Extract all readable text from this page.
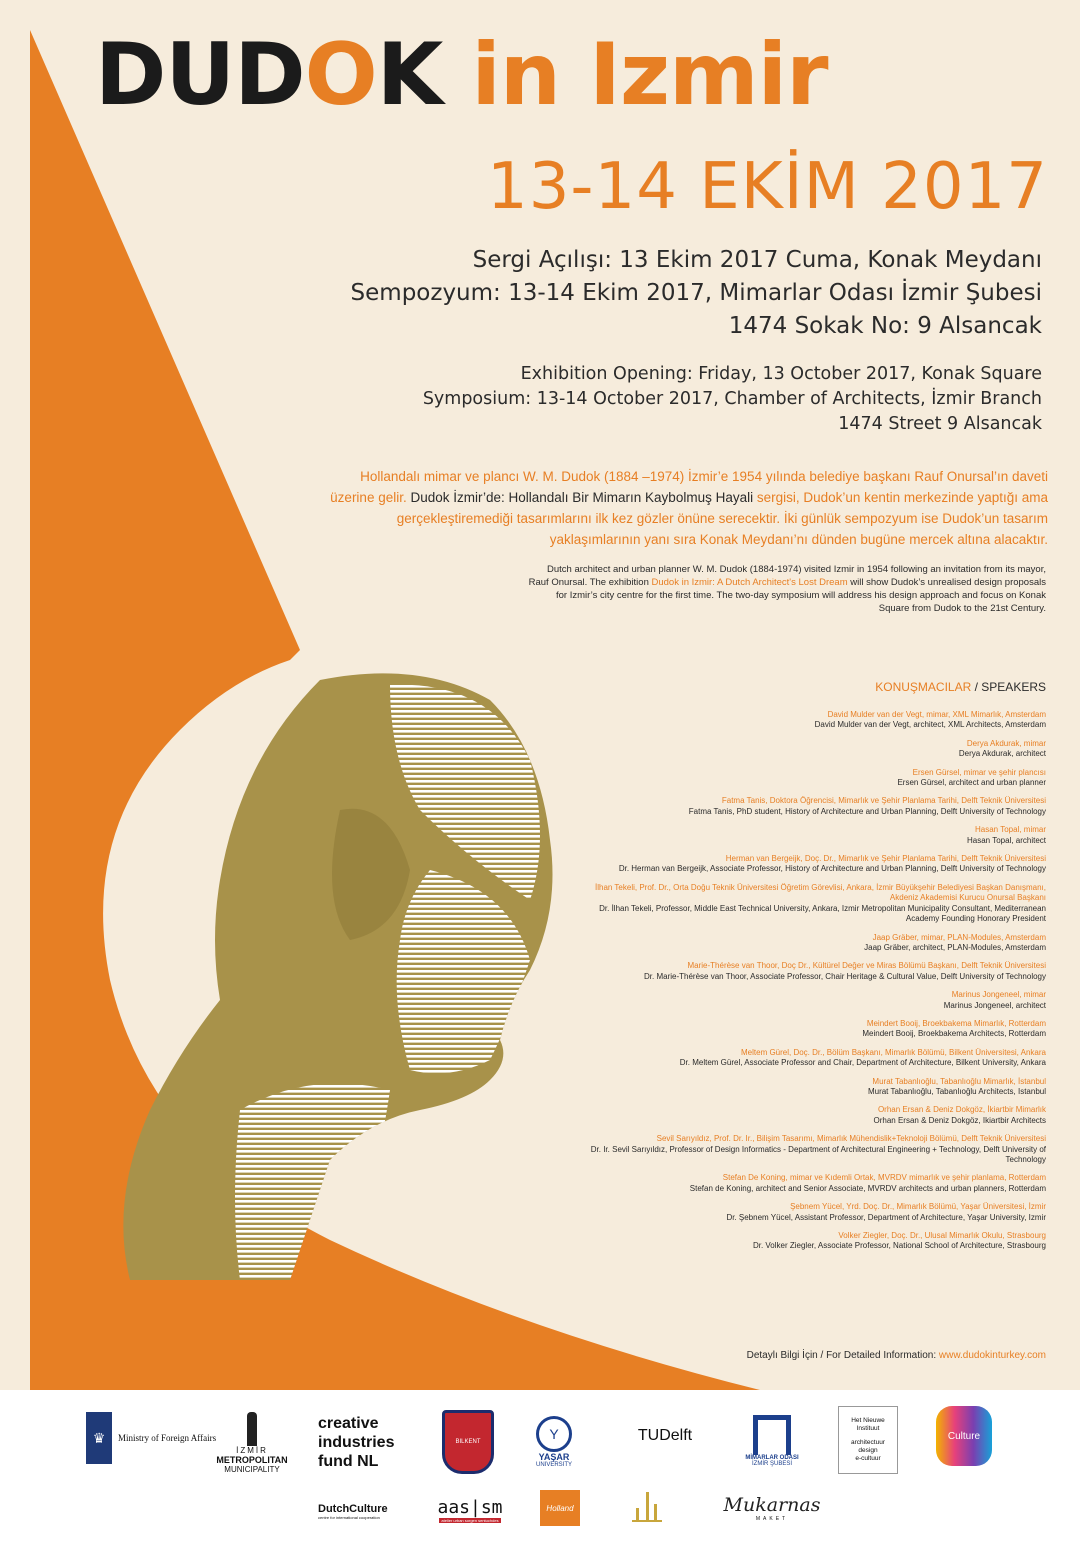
DUDOK in Izmir
13-14 EKİM 2017
Sergi Açılışı: 13 Ekim 2017 Cuma, Konak Meydanı
Sempozyum: 13-14 Ekim 2017, Mimarlar Odası İzmir Şubesi
1474 Sokak No: 9 Alsancak
Exhibition Opening: Friday, 13 October 2017, Konak Square
Symposium: 13-14 October 2017, Chamber of Architects, İzmir Branch
1474 Street 9 Alsancak
Hollandalı mimar ve plancı W. M. Dudok (1884 –1974) İzmir’e 1954 yılında belediye başkanı Rauf Onursal’ın daveti üzerine gelir. Dudok İzmir’de: Hollandalı Bir Mimarın Kaybolmuş Hayali sergisi, Dudok’un kentin merkezinde yaptığı ama gerçekleştiremediği tasarımlarını ilk kez gözler önüne serecektir. İki günlük sempozyum ise Dudok’un tasarım yaklaşımlarının yanı sıra Konak Meydanı’nı dünden bugüne mercek altına alacaktır.
Dutch architect and urban planner W. M. Dudok (1884-1974) visited Izmir in 1954 following an invitation from its mayor, Rauf Onursal. The exhibition Dudok in Izmir: A Dutch Architect's Lost Dream will show Dudok’s unrealised design proposals for Izmir’s city centre for the first time. The two-day symposium will address his design approach and focus on Konak Square from Dudok to the 21st Century.
KONUŞMACILAR / SPEAKERS
David Mulder van der Vegt, mimar, XML Mimarlık, Amsterdam
David Mulder van der Vegt, architect, XML Architects, Amsterdam
Derya Akdurak, mimar
Derya Akdurak, architect
Ersen Gürsel, mimar ve şehir plancısı
Ersen Gürsel, architect and urban planner
Fatma Tanis, Doktora Öğrencisi, Mimarlık ve Şehir Planlama Tarihi, Delft Teknik Üniversitesi
Fatma Tanis, PhD student, History of Architecture and Urban Planning, Delft University of Technology
Hasan Topal, mimar
Hasan Topal, architect
Herman van Bergeijk, Doç. Dr., Mimarlık ve Şehir Planlama Tarihi, Delft Teknik Üniversitesi
Dr. Herman van Bergeijk, Associate Professor, History of Architecture and Urban Planning, Delft University of Technology
İlhan Tekeli, Prof. Dr., Orta Doğu Teknik Üniversitesi Öğretim Görevlisi, Ankara, İzmir Büyükşehir Belediyesi Başkan Danışmanı, Akdeniz Akademisi Kurucu Onursal Başkanı
Dr. İlhan Tekeli, Professor, Middle East Technical University, Ankara, Izmir Metropolitan Municipality Consultant, Mediterranean Academy Founding Honorary President
Jaap Gräber, mimar, PLAN-Modules, Amsterdam
Jaap Gräber, architect, PLAN-Modules, Amsterdam
Marie-Thérèse van Thoor, Doç Dr., Kültürel Değer ve Miras Bölümü Başkanı, Delft Teknik Üniversitesi
Dr. Marie-Thérèse van Thoor, Associate Professor, Chair Heritage & Cultural Value, Delft University of Technology
Marinus Jongeneel, mimar
Marinus Jongeneel, architect
Meindert Booij, Broekbakema Mimarlık, Rotterdam
Meindert Booij, Broekbakema Architects, Rotterdam
Meltem Gürel, Doç. Dr., Bölüm Başkanı, Mimarlık Bölümü, Bilkent Üniversitesi, Ankara
Dr. Meltem Gürel, Associate Professor and Chair, Department of Architecture, Bilkent University, Ankara
Murat Tabanlıoğlu, Tabanlıoğlu Mimarlık, İstanbul
Murat Tabanlıoğlu, Tabanlıoğlu Architects, Istanbul
Orhan Ersan & Deniz Dokgöz, İkiartbir Mimarlık
Orhan Ersan & Deniz Dokgöz, Ikiartbir Architects
Sevil Sarıyıldız, Prof. Dr. Ir., Bilişim Tasarımı, Mimarlık Mühendislik+Teknoloji Bölümü, Delft Teknik Üniversitesi
Dr. Ir. Sevil Sarıyıldız, Professor of Design Informatics - Department of Architectural Engineering + Technology, Delft University of Technology
Stefan De Koning, mimar ve Kıdemli Ortak, MVRDV mimarlık ve şehir planlama, Rotterdam
Stefan de Koning, architect and Senior Associate, MVRDV architects and urban planners, Rotterdam
Şebnem Yücel, Yrd. Doç. Dr., Mimarlık Bölümü, Yaşar Üniversitesi, İzmir
Dr. Şebnem Yücel, Assistant Professor, Department of Architecture, Yaşar University, Izmir
Volker Ziegler, Doç. Dr., Ulusal Mimarlık Okulu, Strasbourg
Dr. Volker Ziegler, Associate Professor, National School of Architecture, Strasbourg
Detaylı Bilgi İçin / For Detailed Information: www.dudokinturkey.com
♛	Ministry of Foreign Affairs
İZMİR
METROPOLITAN
MUNICIPALITY
creative
industries
fund NL
BILKENT	Y
YAŞAR
UNIVERSITY
TUDelft
MİMARLAR ODASI
İZMİR ŞUBESİ
Het Nieuwe
Instituut
architectuur
design
e-cultuur
Culture
DutchCulture
centre for international cooperation	aas|sm
atelier urban sorgen sentuchdes
Holland	Mukarnas
MAKET
